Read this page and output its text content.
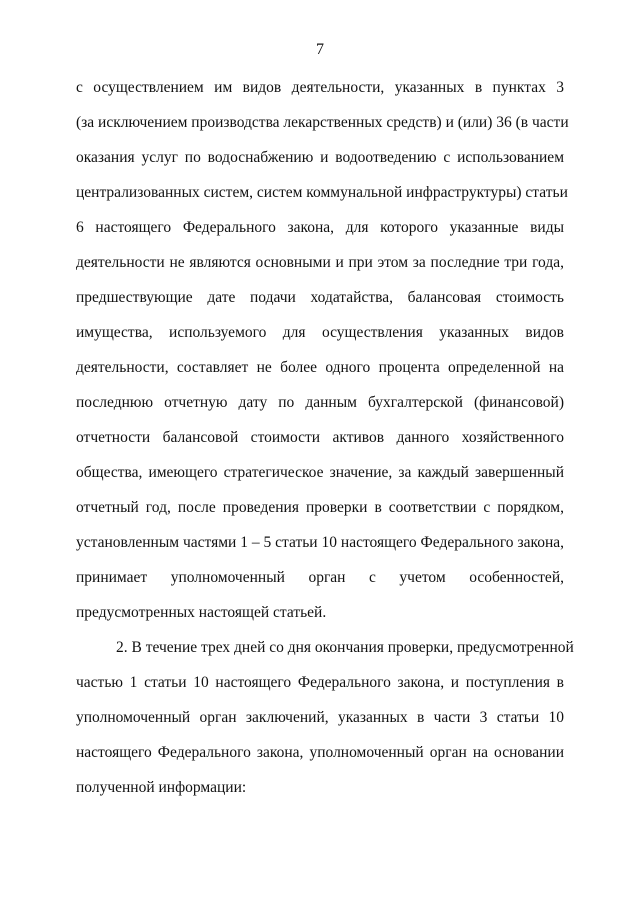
7
с осуществлением им видов деятельности, указанных в пунктах 3
(за исключением производства лекарственных средств) и (или) 36 (в части
оказания услуг по водоснабжению и водоотведению с использованием
централизованных систем, систем коммунальной инфраструктуры) статьи
6 настоящего Федерального закона, для которого указанные виды
деятельности не являются основными и при этом за последние три года,
предшествующие дате подачи ходатайства, балансовая стоимость
имущества, используемого для осуществления указанных видов
деятельности, составляет не более одного процента определенной на
последнюю отчетную дату по данным бухгалтерской (финансовой)
отчетности балансовой стоимости активов данного хозяйственного
общества, имеющего стратегическое значение, за каждый завершенный
отчетный год, после проведения проверки в соответствии с порядком,
установленным частями 1 – 5 статьи 10 настоящего Федерального закона,
принимает уполномоченный орган с учетом особенностей,
предусмотренных настоящей статьей.
2. В течение трех дней со дня окончания проверки, предусмотренной
частью 1 статьи 10 настоящего Федерального закона, и поступления в
уполномоченный орган заключений, указанных в части 3 статьи 10
настоящего Федерального закона, уполномоченный орган на основании
полученной информации:
